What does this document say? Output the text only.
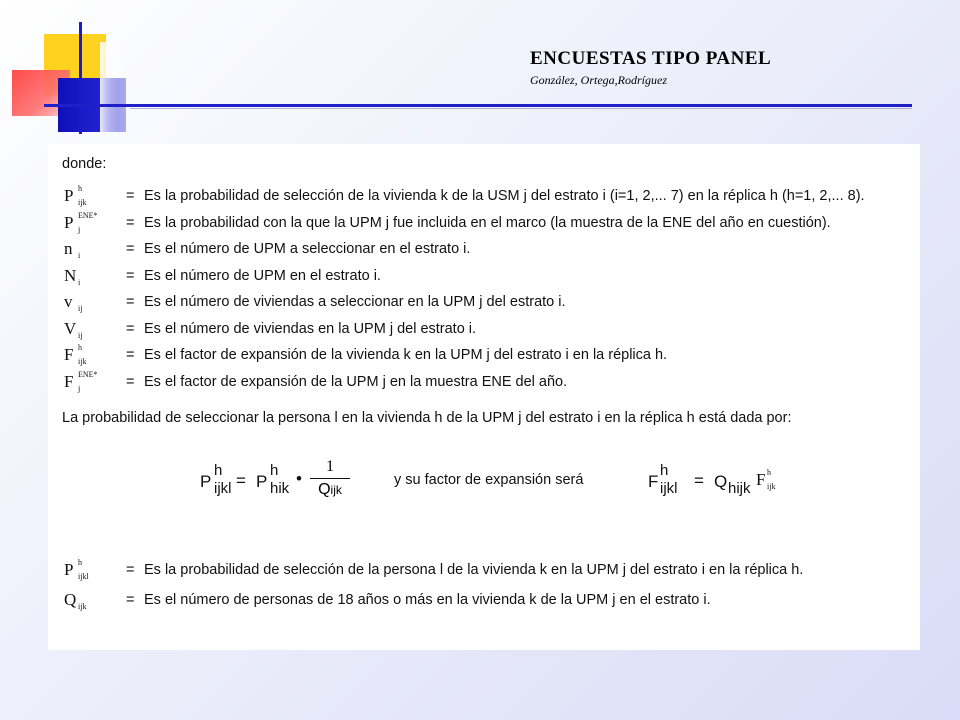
ENCUESTAS TIPO PANEL
González, Ortega,Rodríguez
donde:
P h
ijk	= Es la probabilidad de selección de la vivienda k de la USM j del estrato i (i=1, 2,... 7) en la réplica h (h=1, 2,... 8).
P ENE*
j	= Es la probabilidad con la que la UPM j fue incluida en el marco (la muestra de la ENE del año en cuestión).
n i	= Es el número de UPM a seleccionar en el estrato i.
N i	= Es el número de UPM en el estrato i.
v ij	= Es el número de viviendas a seleccionar en la UPM j del estrato i.
V ij	= Es el número de viviendas en la UPM j del estrato i.
F h
ijk	= Es el factor de expansión de la vivienda k en la UPM j del estrato i en la réplica h.
F ENE*
j	= Es el factor de expansión de la UPM j en la muestra ENE del año.
La probabilidad de seleccionar la persona l en la vivienda h de la UPM j del estrato i en la réplica h está dada por:
P
h
ijkl = P
h
hik
•
1
Qijk
y su factor de expansión será	F
h
ijkl = Q hijk F h
ijk
P h
ijkl	= Es la probabilidad de selección de la persona l de la vivienda k en la UPM j del estrato i en la réplica h.
Q ijk	= Es el número de personas de 18 años o más en la vivienda k de la UPM j en el estrato i.
